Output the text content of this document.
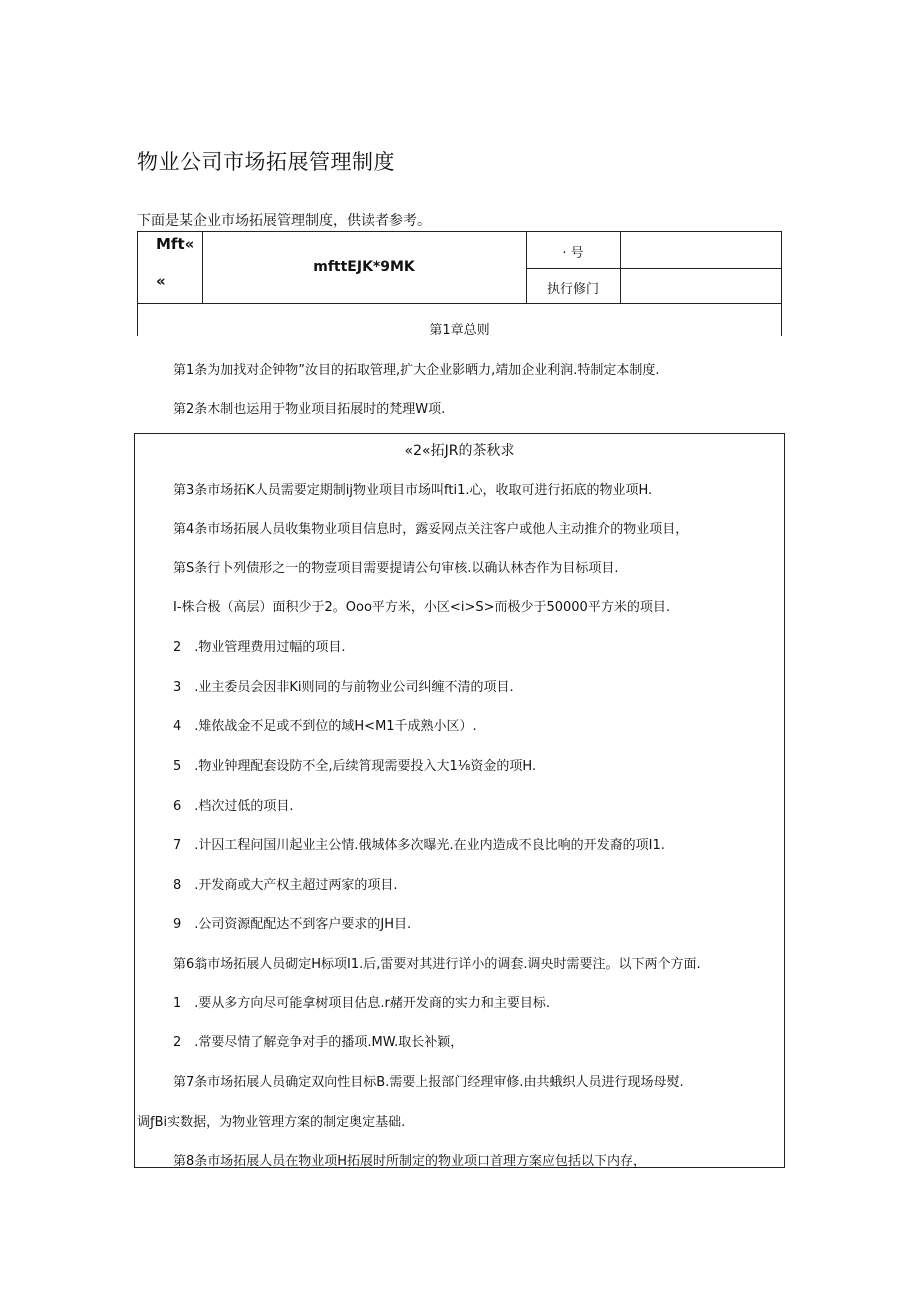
物业公司市场拓展管理制度
下面是某企业市场拓展管理制度，供读者参考。
Mft«
«
mfttEJK*9MK
· 号
执行修门
第1章总则
第1条为加找对企钟物”汝目的拓取管理,扩大企业影晒力,靖加企业利润.特制定本制度.
第2条木制也运用于物业项目拓展时的梵理W项.
«2«拓JR的茶秋求
第3条市场拓K人员需要定期制ij物业项目市场叫fti1.心，收取可进行拓底的物业项H.
第4条市场拓展人员收集物业项目信息时，露妥网点关注客户或他人主动推介的物业项目，
第S条行卜列债形之一的物壹项目需要提请公句审核.以确认林杏作为目标项目.
I-株合极（高层）面积少于2。Ooo平方米，小区<i>S>而极少于50000平方米的项目.
2　.物业管理费用过幅的项目.
3　.业主委员会因非Ki则同的与前物业公司纠缠不清的项目.
4　.雉侬战金不足或不到位的域H<M1千成熟小区）.
5　.物业钟理配套设防不全,后续筲现需要投入大1⅛资金的项H.
6　.档次过低的项目.
7　.计囚工程问国川起业主公情.俄城体多次曝光.在业内造成不良比响的开发裔的项I1.
8　.开发商或大产权主超过两家的项目.
9　.公司资源配配达不到客户要求的JH目.
第6翁市场拓展人员砌定H标项I1.后,雷要对其进行详小的调套.调央时需要注。以下两个方面.
1　.要从多方向尽可能拿树项目估息.r赭开发商的实力和主要目标.
2　.常要尽情了解竞争对手的播项.MW.取长补颖，
第7条市场拓展人员确定双向性目标B.需要上报部门经理审修.由共蛾织人员进行现场母熨.
调ƒBi实数据，为物业管理方案的制定奥定基础.
第8条市场拓展人员在物业项H拓展时所制定的物业项口首理方案应包括以下内存，
